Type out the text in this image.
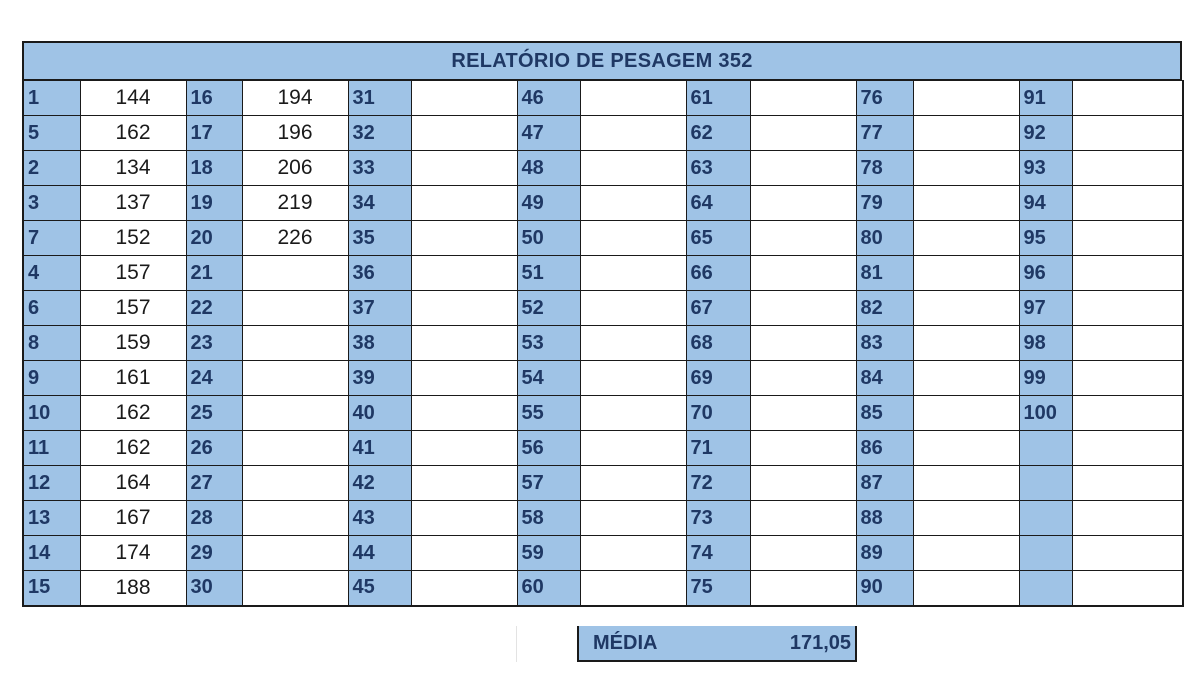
RELATÓRIO DE PESAGEM 352
1	144	16	194	31		46		61		76		91	
5	162	17	196	32		47		62		77		92	
2	134	18	206	33		48		63		78		93	
3	137	19	219	34		49		64		79		94	
7	152	20	226	35		50		65		80		95	
4	157	21		36		51		66		81		96	
6	157	22		37		52		67		82		97	
8	159	23		38		53		68		83		98	
9	161	24		39		54		69		84		99	
10	162	25		40		55		70		85		100	
11	162	26		41		56		71		86			
12	164	27		42		57		72		87			
13	167	28		43		58		73		88			
14	174	29		44		59		74		89			
15	188	30		45		60		75		90			
MÉDIA	171,05
